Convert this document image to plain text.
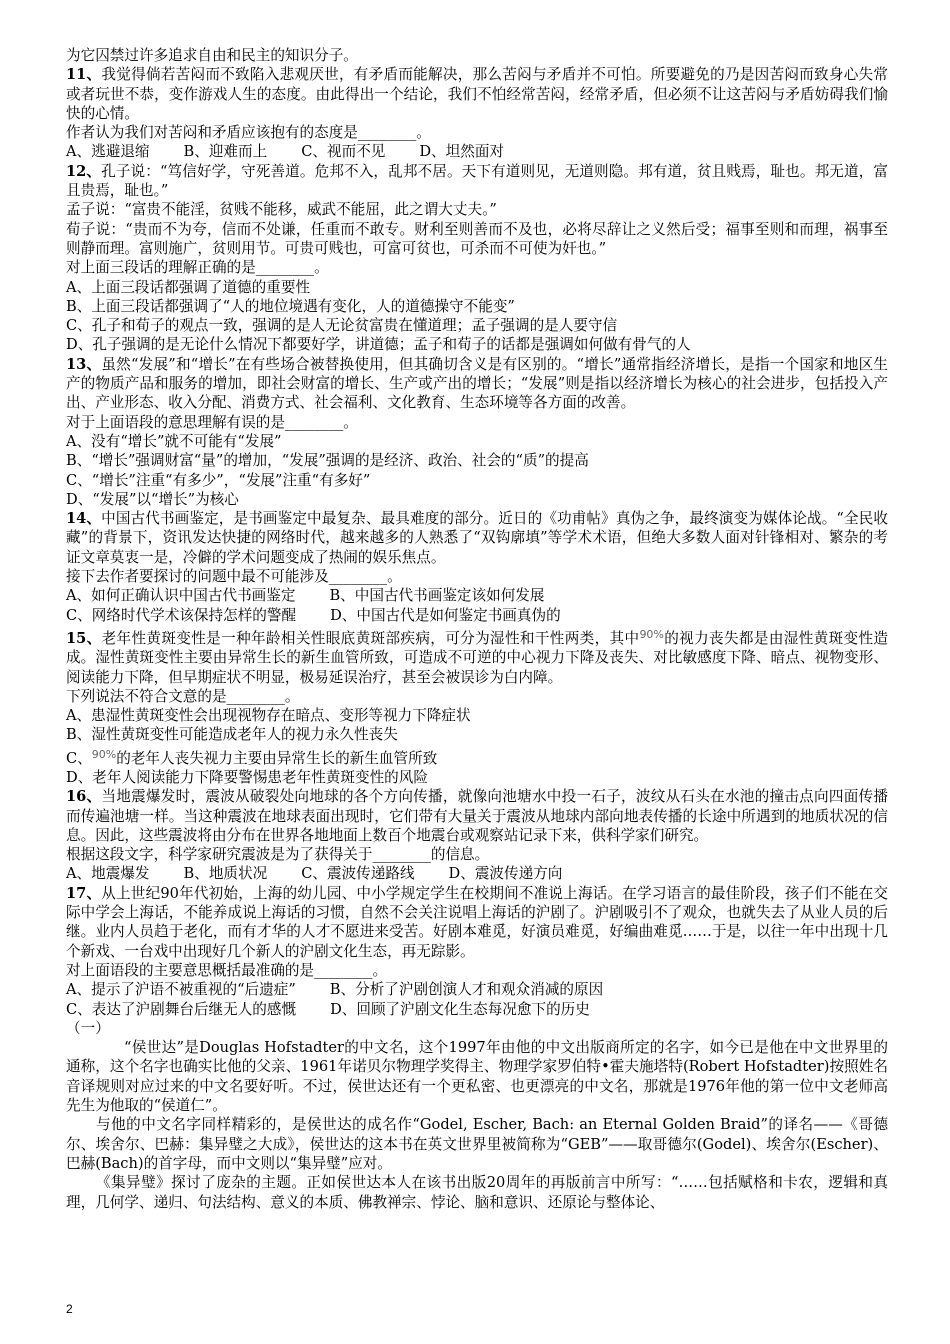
为它囚禁过许多追求自由和民主的知识分子。

11、我觉得倘若苦闷而不致陷入悲观厌世，有矛盾而能解决，那么苦闷与矛盾并不可怕。所要避免的乃是因苦闷而致身心失常或者玩世不恭，变作游戏人生的态度。由此得出一个结论，我们不怕经常苦闷，经常矛盾，但必须不让这苦闷与矛盾妨碍我们愉快的心情。

作者认为我们对苦闷和矛盾应该抱有的态度是________。

A、逃避退缩 B、迎难而上 C、视而不见 D、坦然面对

12、孔子说：“笃信好学，守死善道。危邦不入，乱邦不居。天下有道则见，无道则隐。邦有道，贫且贱焉，耻也。邦无道，富且贵焉，耻也。”

孟子说：“富贵不能淫，贫贱不能移，威武不能屈，此之谓大丈夫。”

荀子说：“贵而不为夸，信而不处谦，任重而不敢专。财利至则善而不及也，必将尽辞让之义然后受；福事至则和而理，祸事至则静而理。富则施广，贫则用节。可贵可贱也，可富可贫也，可杀而不可使为奸也。”

对上面三段话的理解正确的是________。

A、上面三段话都强调了道德的重要性

B、上面三段话都强调了“人的地位境遇有变化，人的道德操守不能变”

C、孔子和荀子的观点一致，强调的是人无论贫富贵在懂道理；孟子强调的是人要守信

D、孔子强调的是无论什么情况下都要好学，讲道德；孟子和荀子的话都是强调如何做有骨气的人

13、虽然“发展”和“增长”在有些场合被替换使用，但其确切含义是有区别的。“增长”通常指经济增长，是指一个国家和地区生产的物质产品和服务的增加，即社会财富的增长、生产或产出的增长；“发展”则是指以经济增长为核心的社会进步，包括投入产出、产业形态、收入分配、消费方式、社会福利、文化教育、生态环境等各方面的改善。

对于上面语段的意思理解有误的是________。

A、没有“增长”就不可能有“发展”

B、“增长”强调财富“量”的增加，“发展”强调的是经济、政治、社会的“质”的提高

C、“增长”注重“有多少”，“发展”注重“有多好”

D、“发展”以“增长”为核心

14、中国古代书画鉴定，是书画鉴定中最复杂、最具难度的部分。近日的《功甫帖》真伪之争，最终演变为媒体论战。“全民收藏”的背景下，资讯发达快捷的网络时代，越来越多的人熟悉了“双钩廓填”等学术术语，但绝大多数人面对针锋相对、繁杂的考证文章莫衷一是，冷僻的学术问题变成了热闹的娱乐焦点。

接下去作者要探讨的问题中最不可能涉及________。

A、如何正确认识中国古代书画鉴定 B、中国古代书画鉴定该如何发展
C、网络时代学术该保持怎样的警醒 D、中国古代是如何鉴定书画真伪的

15、老年性黄斑变性是一种年龄相关性眼底黄斑部疾病，可分为湿性和干性两类，其中$^{90\%}$的视力丧失都是由湿性黄斑变性造成。湿性黄斑变性主要由异常生长的新生血管所致，可造成不可逆的中心视力下降及丧失、对比敏感度下降、暗点、视物变形、阅读能力下降，但早期症状不明显，极易延误治疗，甚至会被误诊为白内障。

下列说法不符合文意的是________。

A、患湿性黄斑变性会出现视物存在暗点、变形等视力下降症状

B、湿性黄斑变性可能造成老年人的视力永久性丧失

C、$^{90\%}$的老年人丧失视力主要由异常生长的新生血管所致

D、老年人阅读能力下降要警惕患老年性黄斑变性的风险

16、当地震爆发时，震波从破裂处向地球的各个方向传播，就像向池塘水中投一石子，波纹从石头在水池的撞击点向四面传播而传遍池塘一样。当这种震波在地球表面出现时，它们带有大量关于震波从地球内部向地表传播的长途中所遇到的地质状况的信息。因此，这些震波将由分布在世界各地地面上数百个地震台或观察站记录下来，供科学家们研究。

根据这段文字，科学家研究震波是为了获得关于________的信息。

A、地震爆发 B、地质状况 C、震波传递路线 D、震波传递方向

17、从上世纪90年代初始，上海的幼儿园、中小学规定学生在校期间不准说上海话。在学习语言的最佳阶段，孩子们不能在交际中学会上海话，不能养成说上海话的习惯，自然不会关注说唱上海话的沪剧了。沪剧吸引不了观众，也就失去了从业人员的后继。业内人员趋于老化，而有才华的人才不愿进来受苦。好剧本难觅，好演员难觅，好编曲难觅……于是，以往一年中出现十几个新戏、一台戏中出现好几个新人的沪剧文化生态，再无踪影。

对上面语段的主要意思概括最准确的是________。

A、提示了沪语不被重视的“后遗症” B、分析了沪剧创演人才和观众消减的原因
C、表达了沪剧舞台后继无人的感慨 D、回顾了沪剧文化生态每况愈下的历史

（一）

“侯世达”是Douglas Hofstadter的中文名，这个1997年由他的中文出版商所定的名字，如今已是他在中文世界里的通称，这个名字也确实比他的父亲、1961年诺贝尔物理学奖得主、物理学家罗伯特•霍夫施塔特(Robert Hofstadter)按照姓名音译规则对应过来的中文名要好听。不过，侯世达还有一个更私密、也更漂亮的中文名，那就是1976年他的第一位中文老师高先生为他取的“侯道仁”。

与他的中文名字同样精彩的，是侯世达的成名作“Godel, Escher, Bach: an Eternal Golden Braid”的译名——《哥德尔、埃舍尔、巴赫：集异璧之大成》，侯世达的这本书在英文世界里被简称为“GEB”——取哥德尔(Godel)、埃舍尔(Escher)、巴赫(Bach)的首字母，而中文则以“集异璧”应对。

《集异璧》探讨了庞杂的主题。正如侯世达本人在该书出版20周年的再版前言中所写：“……包括赋格和卡农，逻辑和真理，几何学、递归、句法结构、意义的本质、佛教禅宗、悖论、脑和意识、还原论与整体论、

2
